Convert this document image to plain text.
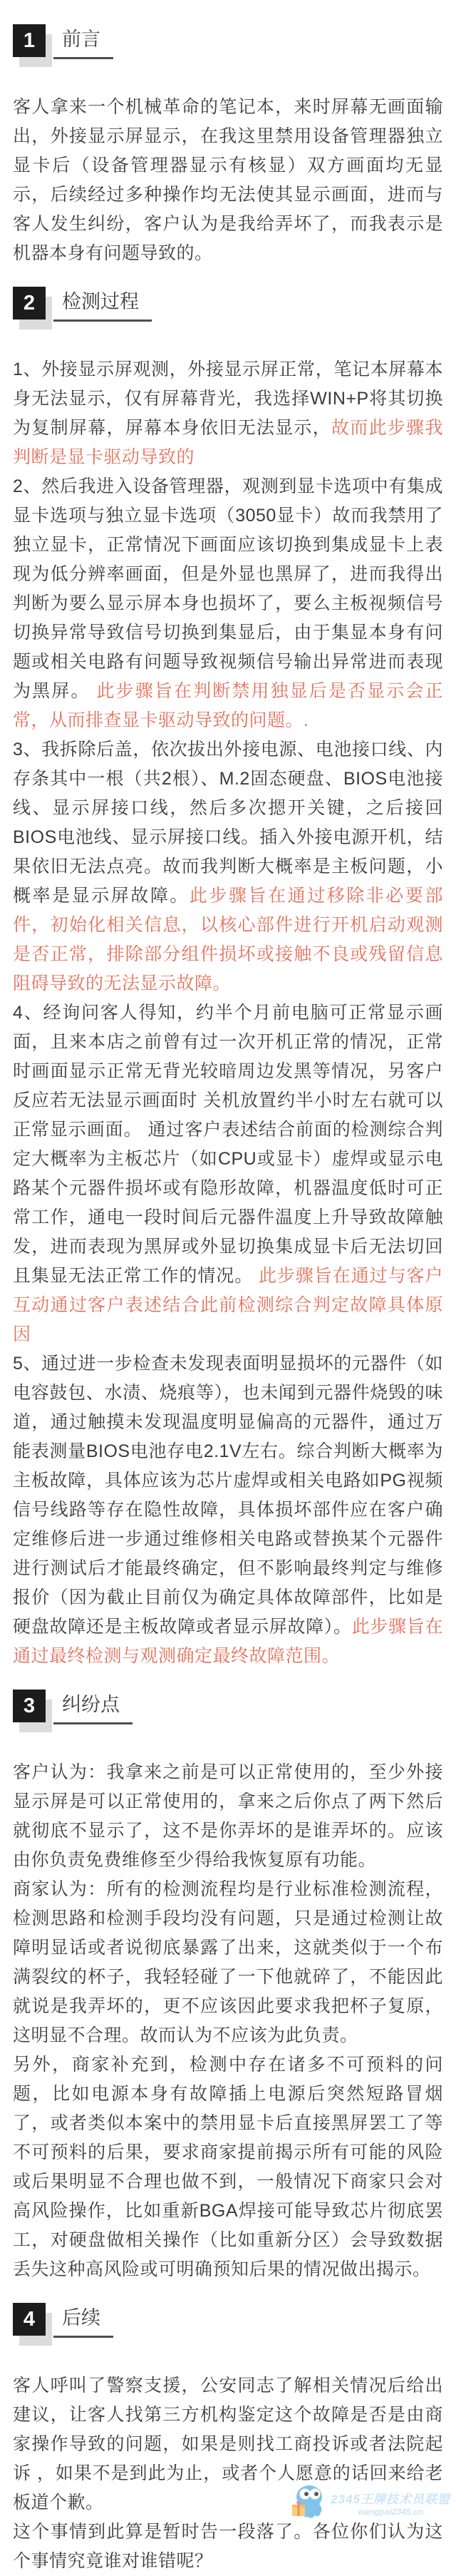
1	前言

客人拿来一个机械革命的笔记本，来时屏幕无画面输出，外接显示屏显示，在我这里禁用设备管理器独立显卡后（设备管理器显示有核显）双方画面均无显示，后续经过多种操作均无法使其显示画面，进而与客人发生纠纷，客户认为是我给弄坏了，而我表示是机器本身有问题导致的。

2	检测过程

1、外接显示屏观测，外接显示屏正常，笔记本屏幕本身无法显示，仅有屏幕背光，我选择WIN+P将其切换为复制屏幕，屏幕本身依旧无法显示，故而此步骤我判断是显卡驱动导致的

2、然后我进入设备管理器，观测到显卡选项中有集成显卡选项与独立显卡选项（3050显卡）故而我禁用了独立显卡，正常情况下画面应该切换到集成显卡上表现为低分辨率画面，但是外显也黑屏了，进而我得出判断为要么显示屏本身也损坏了，要么主板视频信号切换异常导致信号切换到集显后，由于集显本身有问题或相关电路有问题导致视频信号输出异常进而表现为黑屏。 此步骤旨在判断禁用独显后是否显示会正常，从而排查显卡驱动导致的问题。.

3、我拆除后盖，依次拔出外接电源、电池接口线、内存条其中一根（共2根）、M.2固态硬盘、BIOS电池接线、显示屏接口线，然后多次摁开关键，之后接回BIOS电池线、显示屏接口线。插入外接电源开机，结果依旧无法点亮。故而我判断大概率是主板问题，小概率是显示屏故障。此步骤旨在通过移除非必要部件，初始化相关信息，以核心部件进行开机启动观测是否正常，排除部分组件损坏或接触不良或残留信息阻碍导致的无法显示故障。

4、经询问客人得知，约半个月前电脑可正常显示画面，且来本店之前曾有过一次开机正常的情况，正常时画面显示正常无背光较暗周边发黑等情况，另客户反应若无法显示画面时 关机放置约半小时左右就可以 正常显示画面。 通过客户表述结合前面的检测综合判定大概率为主板芯片（如CPU或显卡）虚焊或显示电路某个元器件损坏或有隐形故障，机器温度低时可正常工作，通电一段时间后元器件温度上升导致故障触发，进而表现为黑屏或外显切换集成显卡后无法切回且集显无法正常工作的情况。 此步骤旨在通过与客户互动通过客户表述结合此前检测综合判定故障具体原因

5、通过进一步检查未发现表面明显损坏的元器件（如电容鼓包、水渍、烧痕等），也未闻到元器件烧毁的味道，通过触摸未发现温度明显偏高的元器件，通过万能表测量BIOS电池存电2.1V左右。综合判断大概率为主板故障，具体应该为芯片虚焊或相关电路如PG视频信号线路等存在隐性故障，具体损坏部件应在客户确定维修后进一步通过维修相关电路或替换某个元器件进行测试后才能最终确定，但不影响最终判定与维修报价（因为截止目前仅为确定具体故障部件，比如是硬盘故障还是主板故障或者显示屏故障）。此步骤旨在通过最终检测与观测确定最终故障范围。

3	纠纷点

客户认为：我拿来之前是可以正常使用的，至少外接显示屏是可以正常使用的，拿来之后你点了两下然后就彻底不显示了，这不是你弄坏的是谁弄坏的。应该由你负责免费维修至少得给我恢复原有功能。

商家认为：所有的检测流程均是行业标准检测流程，检测思路和检测手段均没有问题，只是通过检测让故障明显话或者说彻底暴露了出来，这就类似于一个布满裂纹的杯子，我轻轻碰了一下他就碎了，不能因此就说是我弄坏的，更不应该因此要求我把杯子复原，这明显不合理。故而认为不应该为此负责。

另外，商家补充到，检测中存在诸多不可预料的问题，比如电源本身有故障插上电源后突然短路冒烟了，或者类似本案中的禁用显卡后直接黑屏罢工了等不可预料的后果，要求商家提前揭示所有可能的风险或后果明显不合理也做不到，一般情况下商家只会对高风险操作，比如重新BGA焊接可能导致芯片彻底罢工，对硬盘做相关操作（比如重新分区）会导致数据丢失这种高风险或可明确预知后果的情况做出揭示。

4	后续

客人呼叫了警察支援，公安同志了解相关情况后给出建议，让客人找第三方机构鉴定这个故障是否是由商家操作导致的问题，如果是则找工商投诉或者法院起诉 ，如果不是到此为止，或者个人愿意的话回来给老板道个歉。

这个事情到此算是暂时告一段落了。各位你们认为这个事情究竟谁对谁错呢？

2345王牌技术员联盟
wangpai2345.cn
